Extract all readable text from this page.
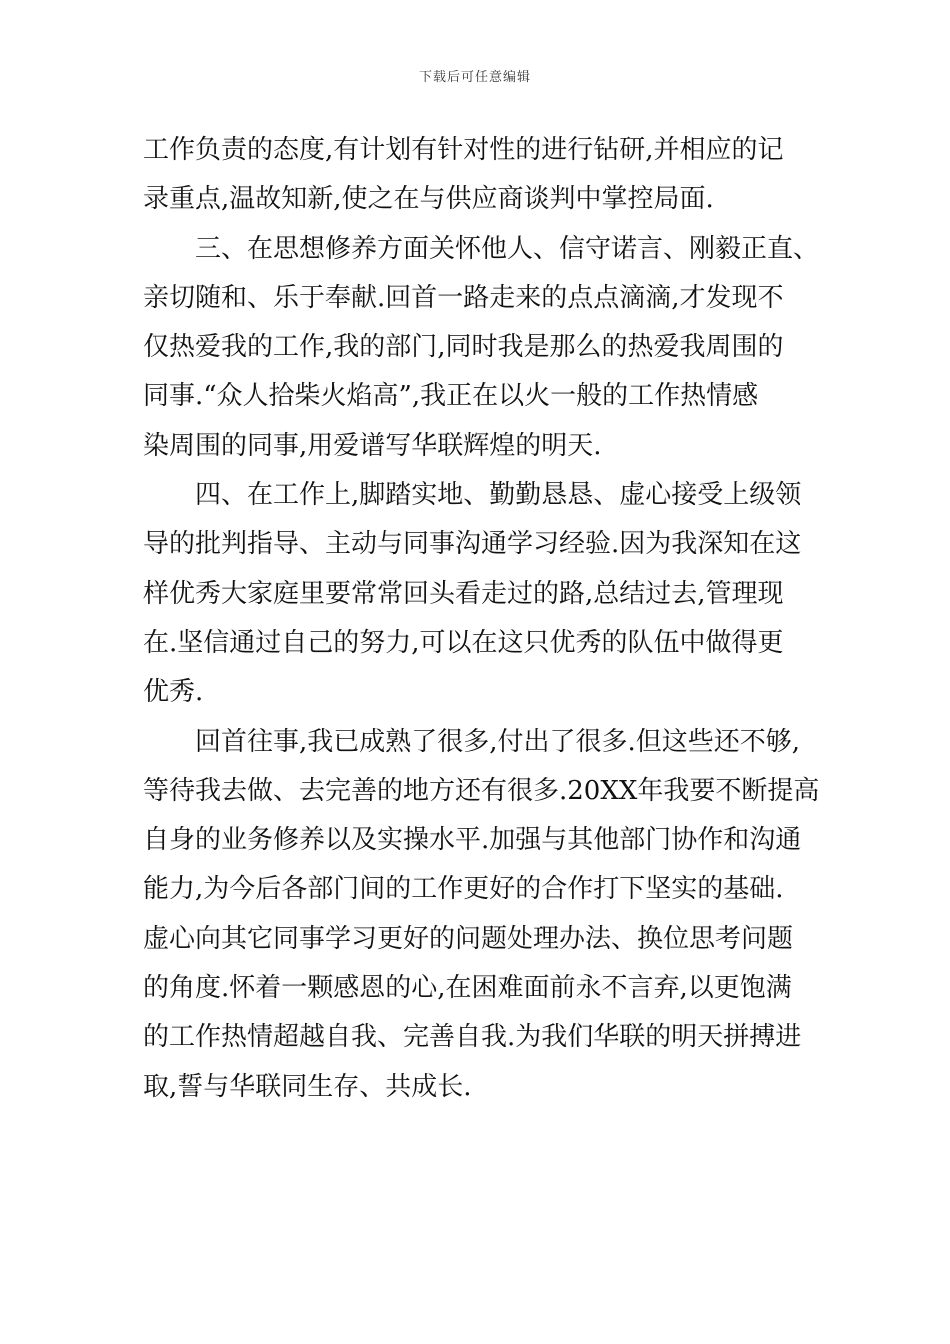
下载后可任意编辑
工作负责的态度,有计划有针对性的进行钻研,并相应的记
录重点,温故知新,使之在与供应商谈判中掌控局面.
三、在思想修养方面关怀他人、信守诺言、刚毅正直、
亲切随和、乐于奉献.回首一路走来的点点滴滴,才发现不
仅热爱我的工作,我的部门,同时我是那么的热爱我周围的
同事.“众人拾柴火焰高”,我正在以火一般的工作热情感
染周围的同事,用爱谱写华联辉煌的明天.
四、在工作上,脚踏实地、勤勤恳恳、虚心接受上级领
导的批判指导、主动与同事沟通学习经验.因为我深知在这
样优秀大家庭里要常常回头看走过的路,总结过去,管理现
在.坚信通过自己的努力,可以在这只优秀的队伍中做得更
优秀.
回首往事,我已成熟了很多,付出了很多.但这些还不够,
等待我去做、去完善的地方还有很多.20XX年我要不断提高
自身的业务修养以及实操水平.加强与其他部门协作和沟通
能力,为今后各部门间的工作更好的合作打下坚实的基础.
虚心向其它同事学习更好的问题处理办法、换位思考问题
的角度.怀着一颗感恩的心,在困难面前永不言弃,以更饱满
的工作热情超越自我、完善自我.为我们华联的明天拼搏进
取,誓与华联同生存、共成长.
